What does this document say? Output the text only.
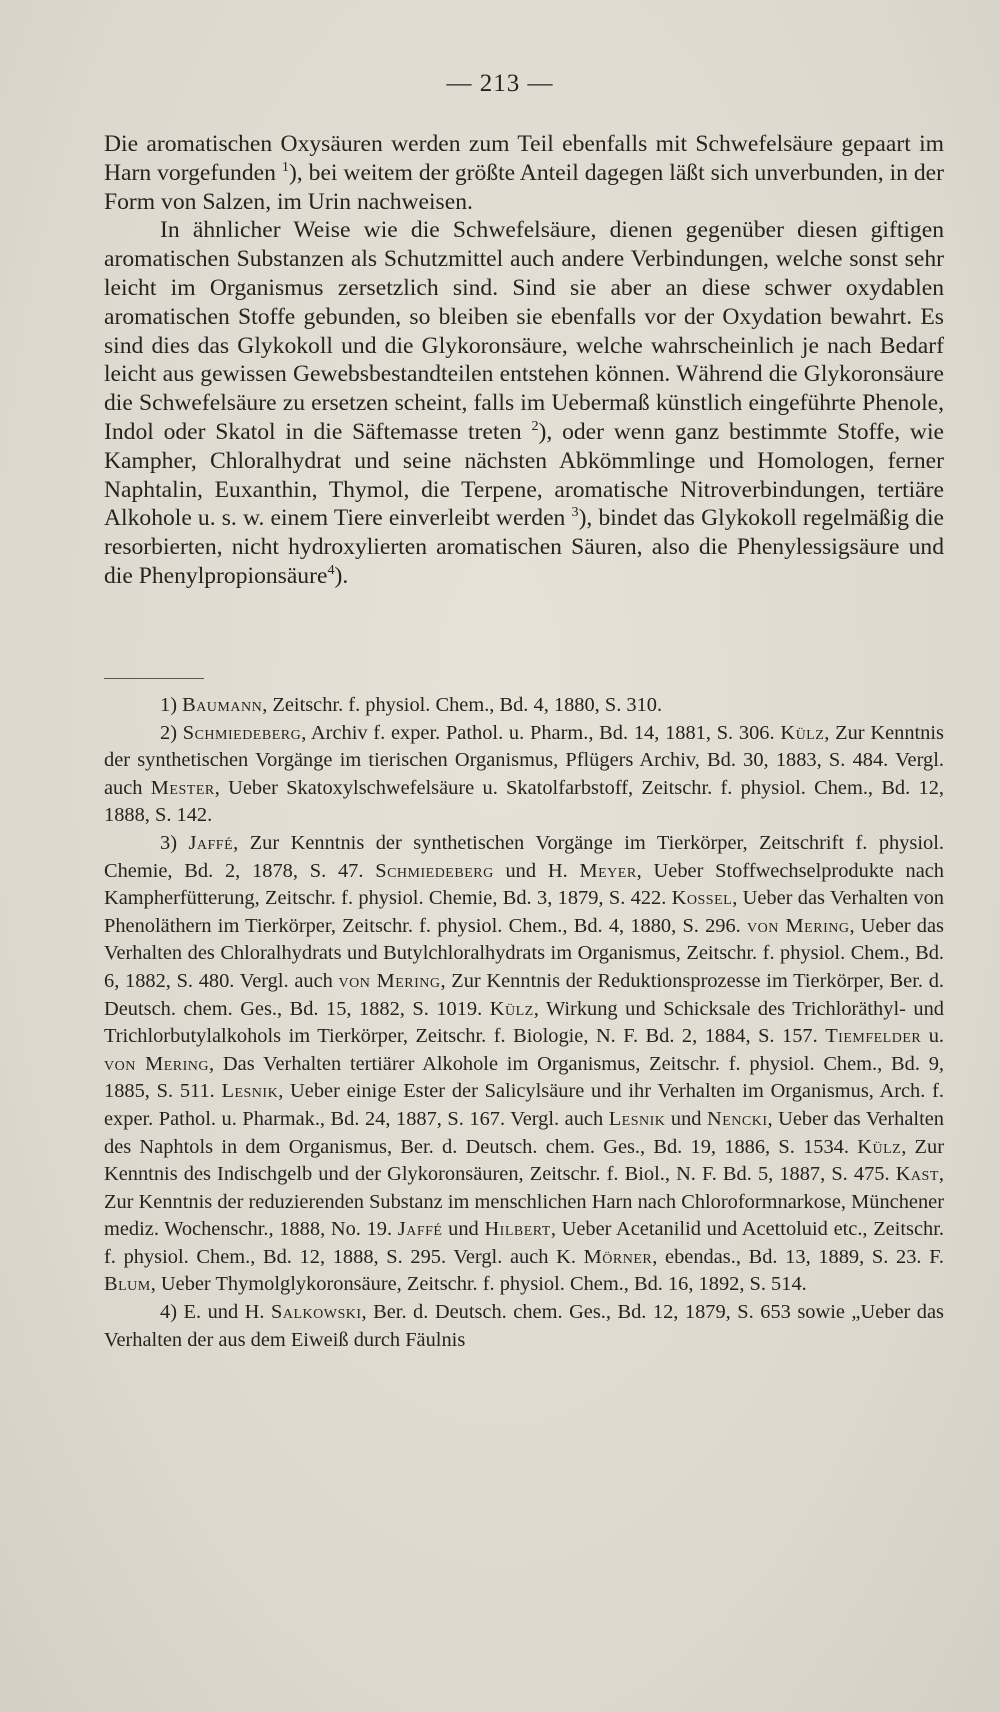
— 213 —

Die aromatischen Oxysäuren werden zum Teil ebenfalls mit Schwefelsäure gepaart im Harn vorgefunden $^1$), bei weitem der größte Anteil dagegen läßt sich unverbunden, in der Form von Salzen, im Urin nachweisen.

In ähnlicher Weise wie die Schwefelsäure, dienen gegenüber diesen giftigen aromatischen Substanzen als Schutzmittel auch andere Verbindungen, welche sonst sehr leicht im Organismus zersetzlich sind. Sind sie aber an diese schwer oxydablen aromatischen Stoffe gebunden, so bleiben sie ebenfalls vor der Oxydation bewahrt. Es sind dies das Glykokoll und die Glykoronsäure, welche wahrscheinlich je nach Bedarf leicht aus gewissen Gewebsbestandteilen entstehen können. Während die Glykoronsäure die Schwefelsäure zu ersetzen scheint, falls im Uebermaß künstlich eingeführte Phenole, Indol oder Skatol in die Säftemasse treten $^2$), oder wenn ganz bestimmte Stoffe, wie Kampher, Chloralhydrat und seine nächsten Abkömmlinge und Homologen, ferner Naphtalin, Euxanthin, Thymol, die Terpene, aromatische Nitroverbindungen, tertiäre Alkohole u. s. w. einem Tiere einverleibt werden $^3$), bindet das Glykokoll regelmäßig die resorbierten, nicht hydroxylierten aromatischen Säuren, also die Phenylessigsäure und die Phenylpropionsäure$^4$).

1) Baumann, Zeitschr. f. physiol. Chem., Bd. 4, 1880, S. 310.

2) Schmiedeberg, Archiv f. exper. Pathol. u. Pharm., Bd. 14, 1881, S. 306. Külz, Zur Kenntnis der synthetischen Vorgänge im tierischen Organismus, Pflügers Archiv, Bd. 30, 1883, S. 484. Vergl. auch Mester, Ueber Skatoxylschwefelsäure u. Skatolfarbstoff, Zeitschr. f. physiol. Chem., Bd. 12, 1888, S. 142.

3) Jaffé, Zur Kenntnis der synthetischen Vorgänge im Tierkörper, Zeitschrift f. physiol. Chemie, Bd. 2, 1878, S. 47. Schmiedeberg und H. Meyer, Ueber Stoffwechselprodukte nach Kampherfütterung, Zeitschr. f. physiol. Chemie, Bd. 3, 1879, S. 422. Kossel, Ueber das Verhalten von Phenoläthern im Tierkörper, Zeitschr. f. physiol. Chem., Bd. 4, 1880, S. 296. von Mering, Ueber das Verhalten des Chloralhydrats und Butylchloralhydrats im Organismus, Zeitschr. f. physiol. Chem., Bd. 6, 1882, S. 480. Vergl. auch von Mering, Zur Kenntnis der Reduktionsprozesse im Tierkörper, Ber. d. Deutsch. chem. Ges., Bd. 15, 1882, S. 1019. Külz, Wirkung und Schicksale des Trichloräthyl- und Trichlorbutylalkohols im Tierkörper, Zeitschr. f. Biologie, N. F. Bd. 2, 1884, S. 157. Tiemfelder u. von Mering, Das Verhalten tertiärer Alkohole im Organismus, Zeitschr. f. physiol. Chem., Bd. 9, 1885, S. 511. Lesnik, Ueber einige Ester der Salicylsäure und ihr Verhalten im Organismus, Arch. f. exper. Pathol. u. Pharmak., Bd. 24, 1887, S. 167. Vergl. auch Lesnik und Nencki, Ueber das Verhalten des Naphtols in dem Organismus, Ber. d. Deutsch. chem. Ges., Bd. 19, 1886, S. 1534. Külz, Zur Kenntnis des Indischgelb und der Glykoronsäuren, Zeitschr. f. Biol., N. F. Bd. 5, 1887, S. 475. Kast, Zur Kenntnis der reduzierenden Substanz im menschlichen Harn nach Chloroformnarkose, Münchener mediz. Wochenschr., 1888, No. 19. Jaffé und Hilbert, Ueber Acetanilid und Acettoluid etc., Zeitschr. f. physiol. Chem., Bd. 12, 1888, S. 295. Vergl. auch K. Mörner, ebendas., Bd. 13, 1889, S. 23. F. Blum, Ueber Thymolglykoronsäure, Zeitschr. f. physiol. Chem., Bd. 16, 1892, S. 514.

4) E. und H. Salkowski, Ber. d. Deutsch. chem. Ges., Bd. 12, 1879, S. 653 sowie „Ueber das Verhalten der aus dem Eiweiß durch Fäulnis
